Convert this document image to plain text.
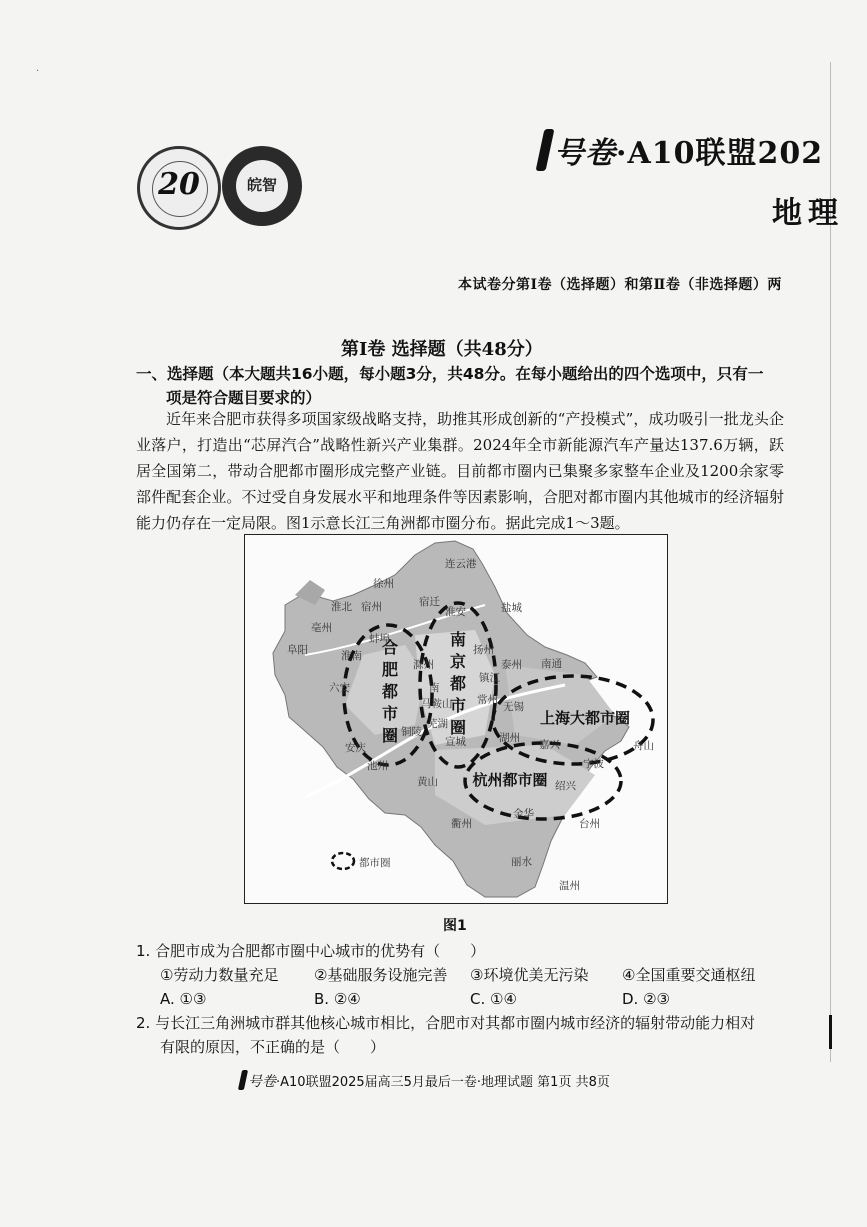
·
20	皖智
号卷·A10联盟202
地理
本试卷分第Ⅰ卷（选择题）和第Ⅱ卷（非选择题）两
第Ⅰ卷 选择题（共48分）
一、选择题（本大题共16小题，每小题3分，共48分。在每小题给出的四个选项中，只有一
项是符合题目要求的）

近年来合肥市获得多项国家级战略支持，助推其形成创新的“产投模式”，成功吸引一批龙头企业落户，打造出“芯屏汽合”战略性新兴产业集群。2024年全市新能源汽车产量达137.6万辆，跃居全国第二，带动合肥都市圈形成完整产业链。目前都市圈内已集聚多家整车企业及1200余家零部件配套企业。不过受自身发展水平和地理条件等因素影响，合肥对都市圈内其他城市的经济辐射能力仍存在一定局限。图1示意长江三角洲都市圈分布。据此完成1～3题。

合
肥
都
市
圈
南
京
都
市
圈	上海大都市圈
杭州都市圈
连云港
徐州
宿迁
淮北 宿州	盐城
淮安
亳州
蚌埠
阜阳	淮南
滁州
扬州
泰州 南通
六安
镇江
常州
无锡
南
马鞍山
芜湖
铜陵
宣城	湖州
嘉兴
宁波
舟山
安庆
池州
黄山	绍兴
衢州
金华
台州
丽水
温州
都市圈
图1
1. 合肥市成为合肥都市圈中心城市的优势有（　　）
①劳动力数量充足 ②基础服务设施完善 ③环境优美无污染 ④全国重要交通枢纽
A. ①③	B. ②④	C. ①④	D. ②③
2. 与长江三角洲城市群其他核心城市相比，合肥市对其都市圈内城市经济的辐射带动能力相对
有限的原因，不正确的是（　　）
号卷·A10联盟2025届高三5月最后一卷·地理试题 第1页 共8页
